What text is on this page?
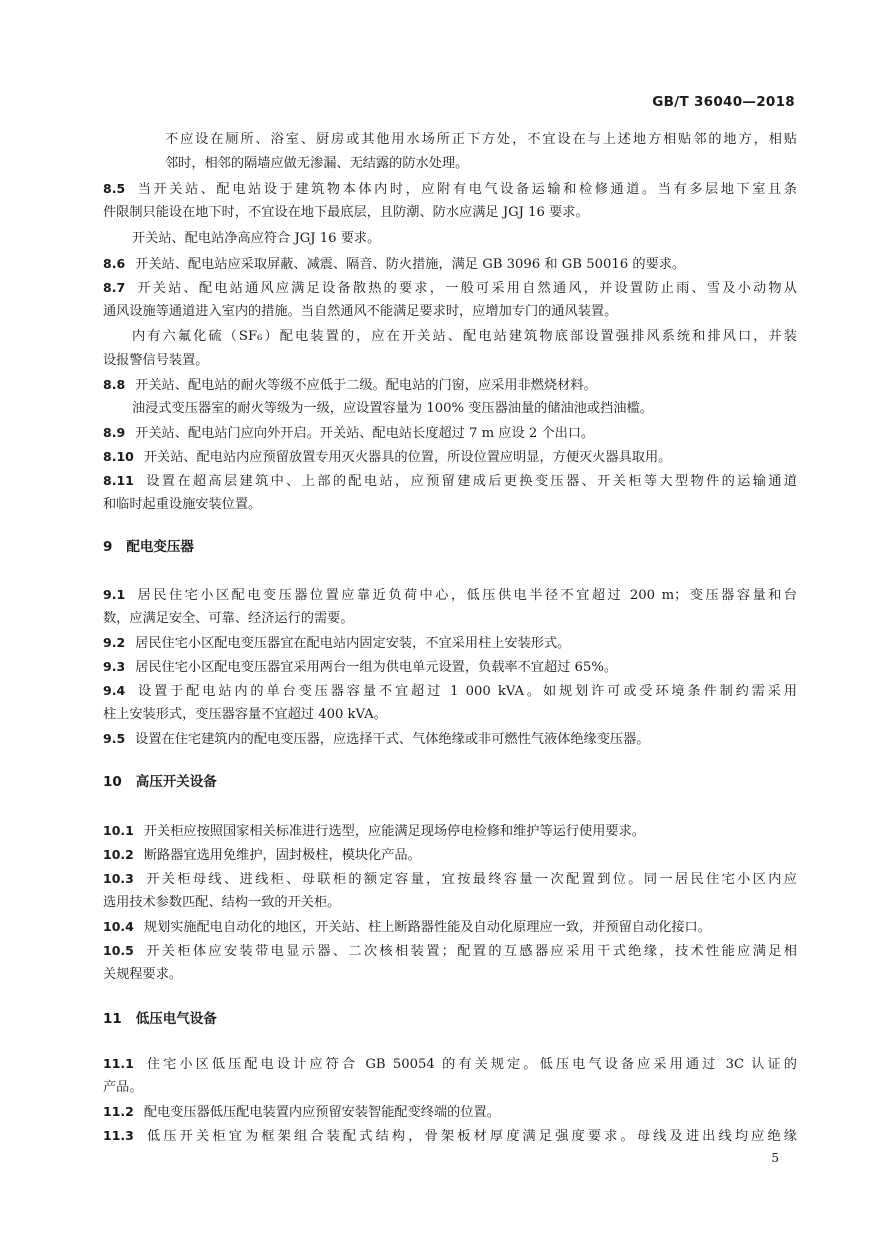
GB/T 36040—2018
不应设在厕所、浴室、厨房或其他用水场所正下方处，不宜设在与上述地方相贴邻的地方，相贴
邻时，相邻的隔墙应做无渗漏、无结露的防水处理。
8.5 当开关站、配电站设于建筑物本体内时，应附有电气设备运输和检修通道。当有多层地下室且条
件限制只能设在地下时，不宜设在地下最底层，且防潮、防水应满足 JGJ 16 要求。
开关站、配电站净高应符合 JGJ 16 要求。
8.6 开关站、配电站应采取屏蔽、减震、隔音、防火措施，满足 GB 3096 和 GB 50016 的要求。
8.7 开关站、配电站通风应满足设备散热的要求，一般可采用自然通风，并设置防止雨、雪及小动物从
通风设施等通道进入室内的措施。当自然通风不能满足要求时，应增加专门的通风装置。
内有六氟化硫（SF₆）配电装置的，应在开关站、配电站建筑物底部设置强排风系统和排风口，并装
设报警信号装置。
8.8 开关站、配电站的耐火等级不应低于二级。配电站的门窗，应采用非燃烧材料。
油浸式变压器室的耐火等级为一级，应设置容量为 100% 变压器油量的储油池或挡油槛。
8.9 开关站、配电站门应向外开启。开关站、配电站长度超过 7 m 应设 2 个出口。
8.10 开关站、配电站内应预留放置专用灭火器具的位置，所设位置应明显，方便灭火器具取用。
8.11 设置在超高层建筑中、上部的配电站，应预留建成后更换变压器、开关柜等大型物件的运输通道
和临时起重设施安装位置。
9 配电变压器
9.1 居民住宅小区配电变压器位置应靠近负荷中心，低压供电半径不宜超过 200 m；变压器容量和台
数，应满足安全、可靠、经济运行的需要。
9.2 居民住宅小区配电变压器宜在配电站内固定安装，不宜采用柱上安装形式。
9.3 居民住宅小区配电变压器宜采用两台一组为供电单元设置，负载率不宜超过 65%。
9.4 设置于配电站内的单台变压器容量不宜超过 1 000 kVA。如规划许可或受环境条件制约需采用
柱上安装形式，变压器容量不宜超过 400 kVA。
9.5 设置在住宅建筑内的配电变压器，应选择干式、气体绝缘或非可燃性气液体绝缘变压器。
10 高压开关设备
10.1 开关柜应按照国家相关标准进行选型，应能满足现场停电检修和维护等运行使用要求。
10.2 断路器宜选用免维护，固封极柱，模块化产品。
10.3 开关柜母线、进线柜、母联柜的额定容量，宜按最终容量一次配置到位。同一居民住宅小区内应
选用技术参数匹配、结构一致的开关柜。
10.4 规划实施配电自动化的地区，开关站、柱上断路器性能及自动化原理应一致，并预留自动化接口。
10.5 开关柜体应安装带电显示器、二次核相装置；配置的互感器应采用干式绝缘，技术性能应满足相
关规程要求。
11 低压电气设备
11.1 住宅小区低压配电设计应符合 GB 50054 的有关规定。低压电气设备应采用通过 3C 认证的
产品。
11.2 配电变压器低压配电装置内应预留安装智能配变终端的位置。
11.3 低压开关柜宜为框架组合装配式结构，骨架板材厚度满足强度要求。母线及进出线均应绝缘
5
